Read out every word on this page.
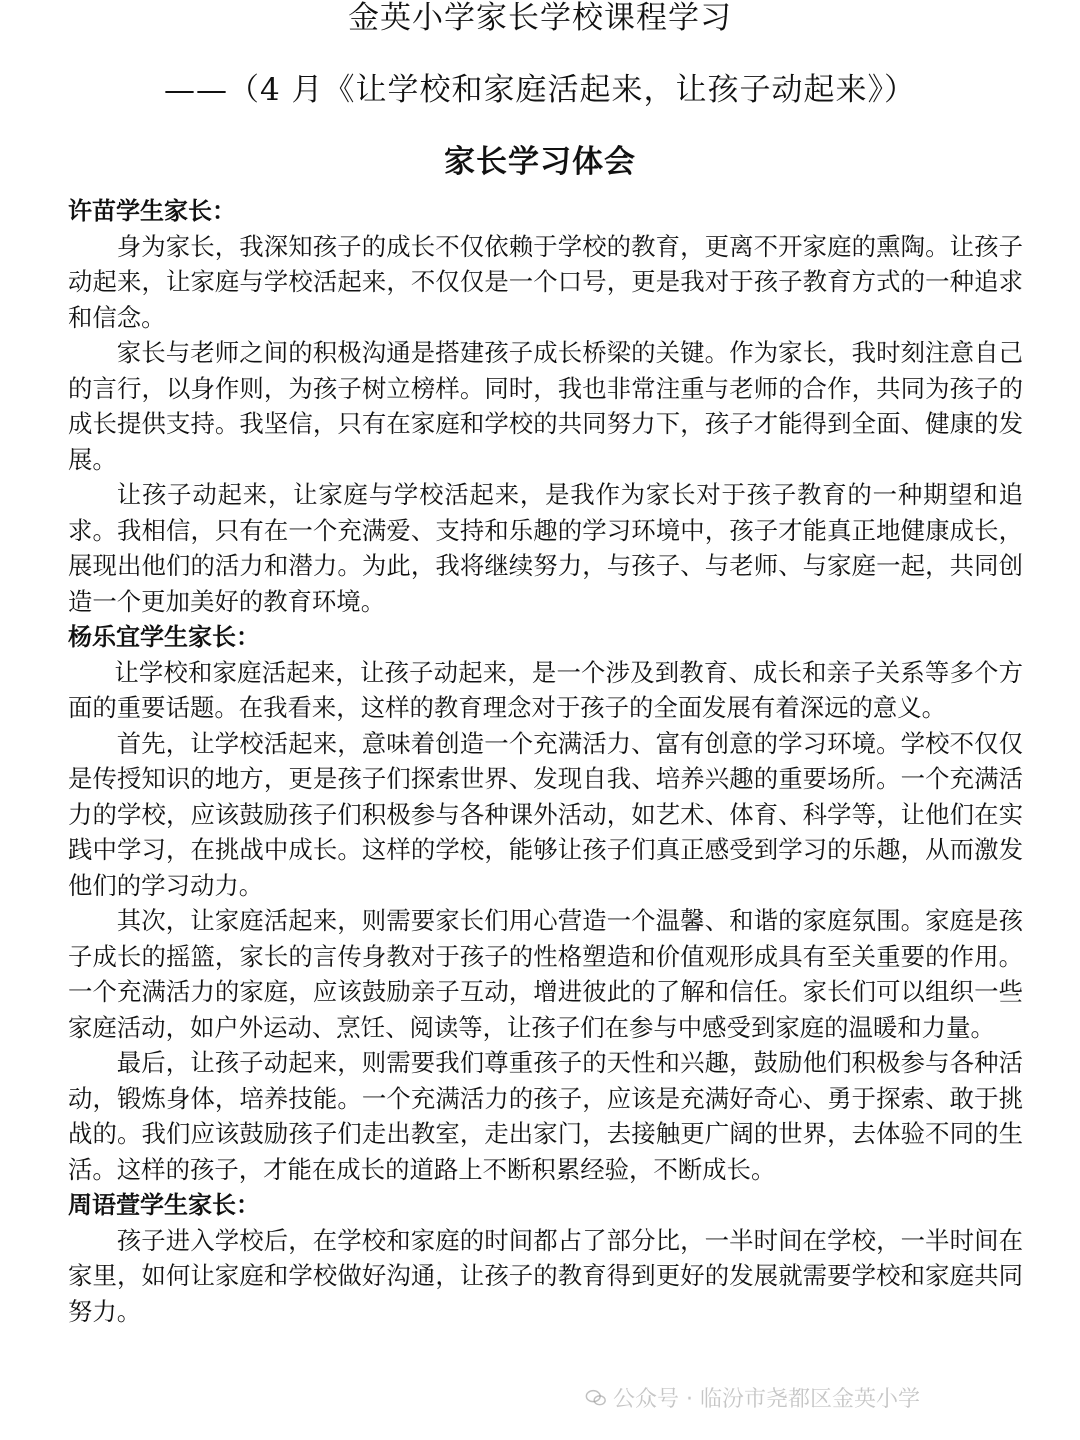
金英小学家长学校课程学习
——（4 月《让学校和家庭活起来，让孩子动起来》）
家长学习体会
许苗学生家长：

身为家长，我深知孩子的成长不仅依赖于学校的教育，更离不开家庭的熏陶。让孩子动起来，让家庭与学校活起来，不仅仅是一个口号，更是我对于孩子教育方式的一种追求和信念。

家长与老师之间的积极沟通是搭建孩子成长桥梁的关键。作为家长，我时刻注意自己的言行，以身作则，为孩子树立榜样。同时，我也非常注重与老师的合作，共同为孩子的成长提供支持。我坚信，只有在家庭和学校的共同努力下，孩子才能得到全面、健康的发展。

让孩子动起来，让家庭与学校活起来，是我作为家长对于孩子教育的一种期望和追求。我相信，只有在一个充满爱、支持和乐趣的学习环境中，孩子才能真正地健康成长，展现出他们的活力和潜力。为此，我将继续努力，与孩子、与老师、与家庭一起，共同创造一个更加美好的教育环境。

杨乐宜学生家长：

让学校和家庭活起来，让孩子动起来，是一个涉及到教育、成长和亲子关系等多个方面的重要话题。在我看来，这样的教育理念对于孩子的全面发展有着深远的意义。

首先，让学校活起来，意味着创造一个充满活力、富有创意的学习环境。学校不仅仅是传授知识的地方，更是孩子们探索世界、发现自我、培养兴趣的重要场所。一个充满活力的学校，应该鼓励孩子们积极参与各种课外活动，如艺术、体育、科学等，让他们在实践中学习，在挑战中成长。这样的学校，能够让孩子们真正感受到学习的乐趣，从而激发他们的学习动力。

其次，让家庭活起来，则需要家长们用心营造一个温馨、和谐的家庭氛围。家庭是孩子成长的摇篮，家长的言传身教对于孩子的性格塑造和价值观形成具有至关重要的作用。一个充满活力的家庭，应该鼓励亲子互动，增进彼此的了解和信任。家长们可以组织一些家庭活动，如户外运动、烹饪、阅读等，让孩子们在参与中感受到家庭的温暖和力量。

最后，让孩子动起来，则需要我们尊重孩子的天性和兴趣，鼓励他们积极参与各种活动，锻炼身体，培养技能。一个充满活力的孩子，应该是充满好奇心、勇于探索、敢于挑战的。我们应该鼓励孩子们走出教室，走出家门，去接触更广阔的世界，去体验不同的生活。这样的孩子，才能在成长的道路上不断积累经验，不断成长。

周语萱学生家长：

孩子进入学校后，在学校和家庭的时间都占了部分比，一半时间在学校，一半时间在家里，如何让家庭和学校做好沟通，让孩子的教育得到更好的发展就需要学校和家庭共同努力。

公众号 · 临汾市尧都区金英小学
